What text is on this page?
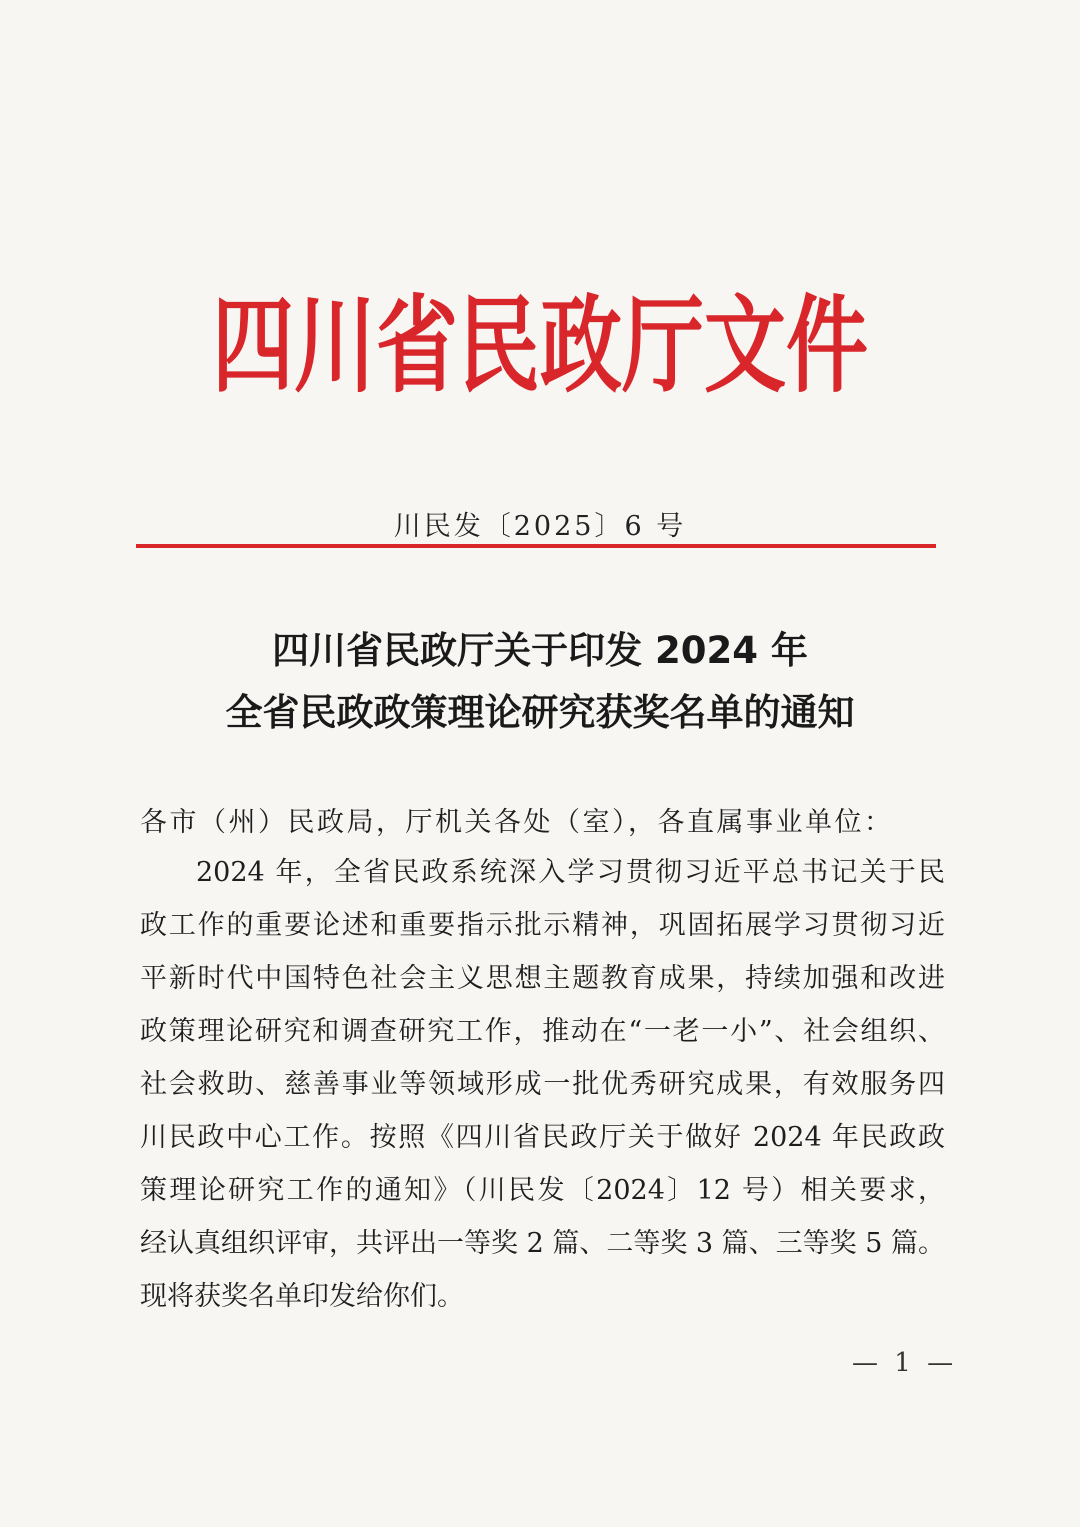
四川省民政厅文件
川民发〔2025〕6 号
四川省民政厅关于印发 2024 年
全省民政政策理论研究获奖名单的通知
各市（州）民政局，厅机关各处（室），各直属事业单位：
2024 年，全省民政系统深入学习贯彻习近平总书记关于民
政工作的重要论述和重要指示批示精神，巩固拓展学习贯彻习近
平新时代中国特色社会主义思想主题教育成果，持续加强和改进
政策理论研究和调查研究工作，推动在“一老一小”、社会组织、
社会救助、慈善事业等领域形成一批优秀研究成果，有效服务四
川民政中心工作。按照《四川省民政厅关于做好 2024 年民政政
策理论研究工作的通知》（川民发〔2024〕12 号）相关要求，
经认真组织评审，共评出一等奖 2 篇、二等奖 3 篇、三等奖 5 篇。
现将获奖名单印发给你们。
— 1 —
